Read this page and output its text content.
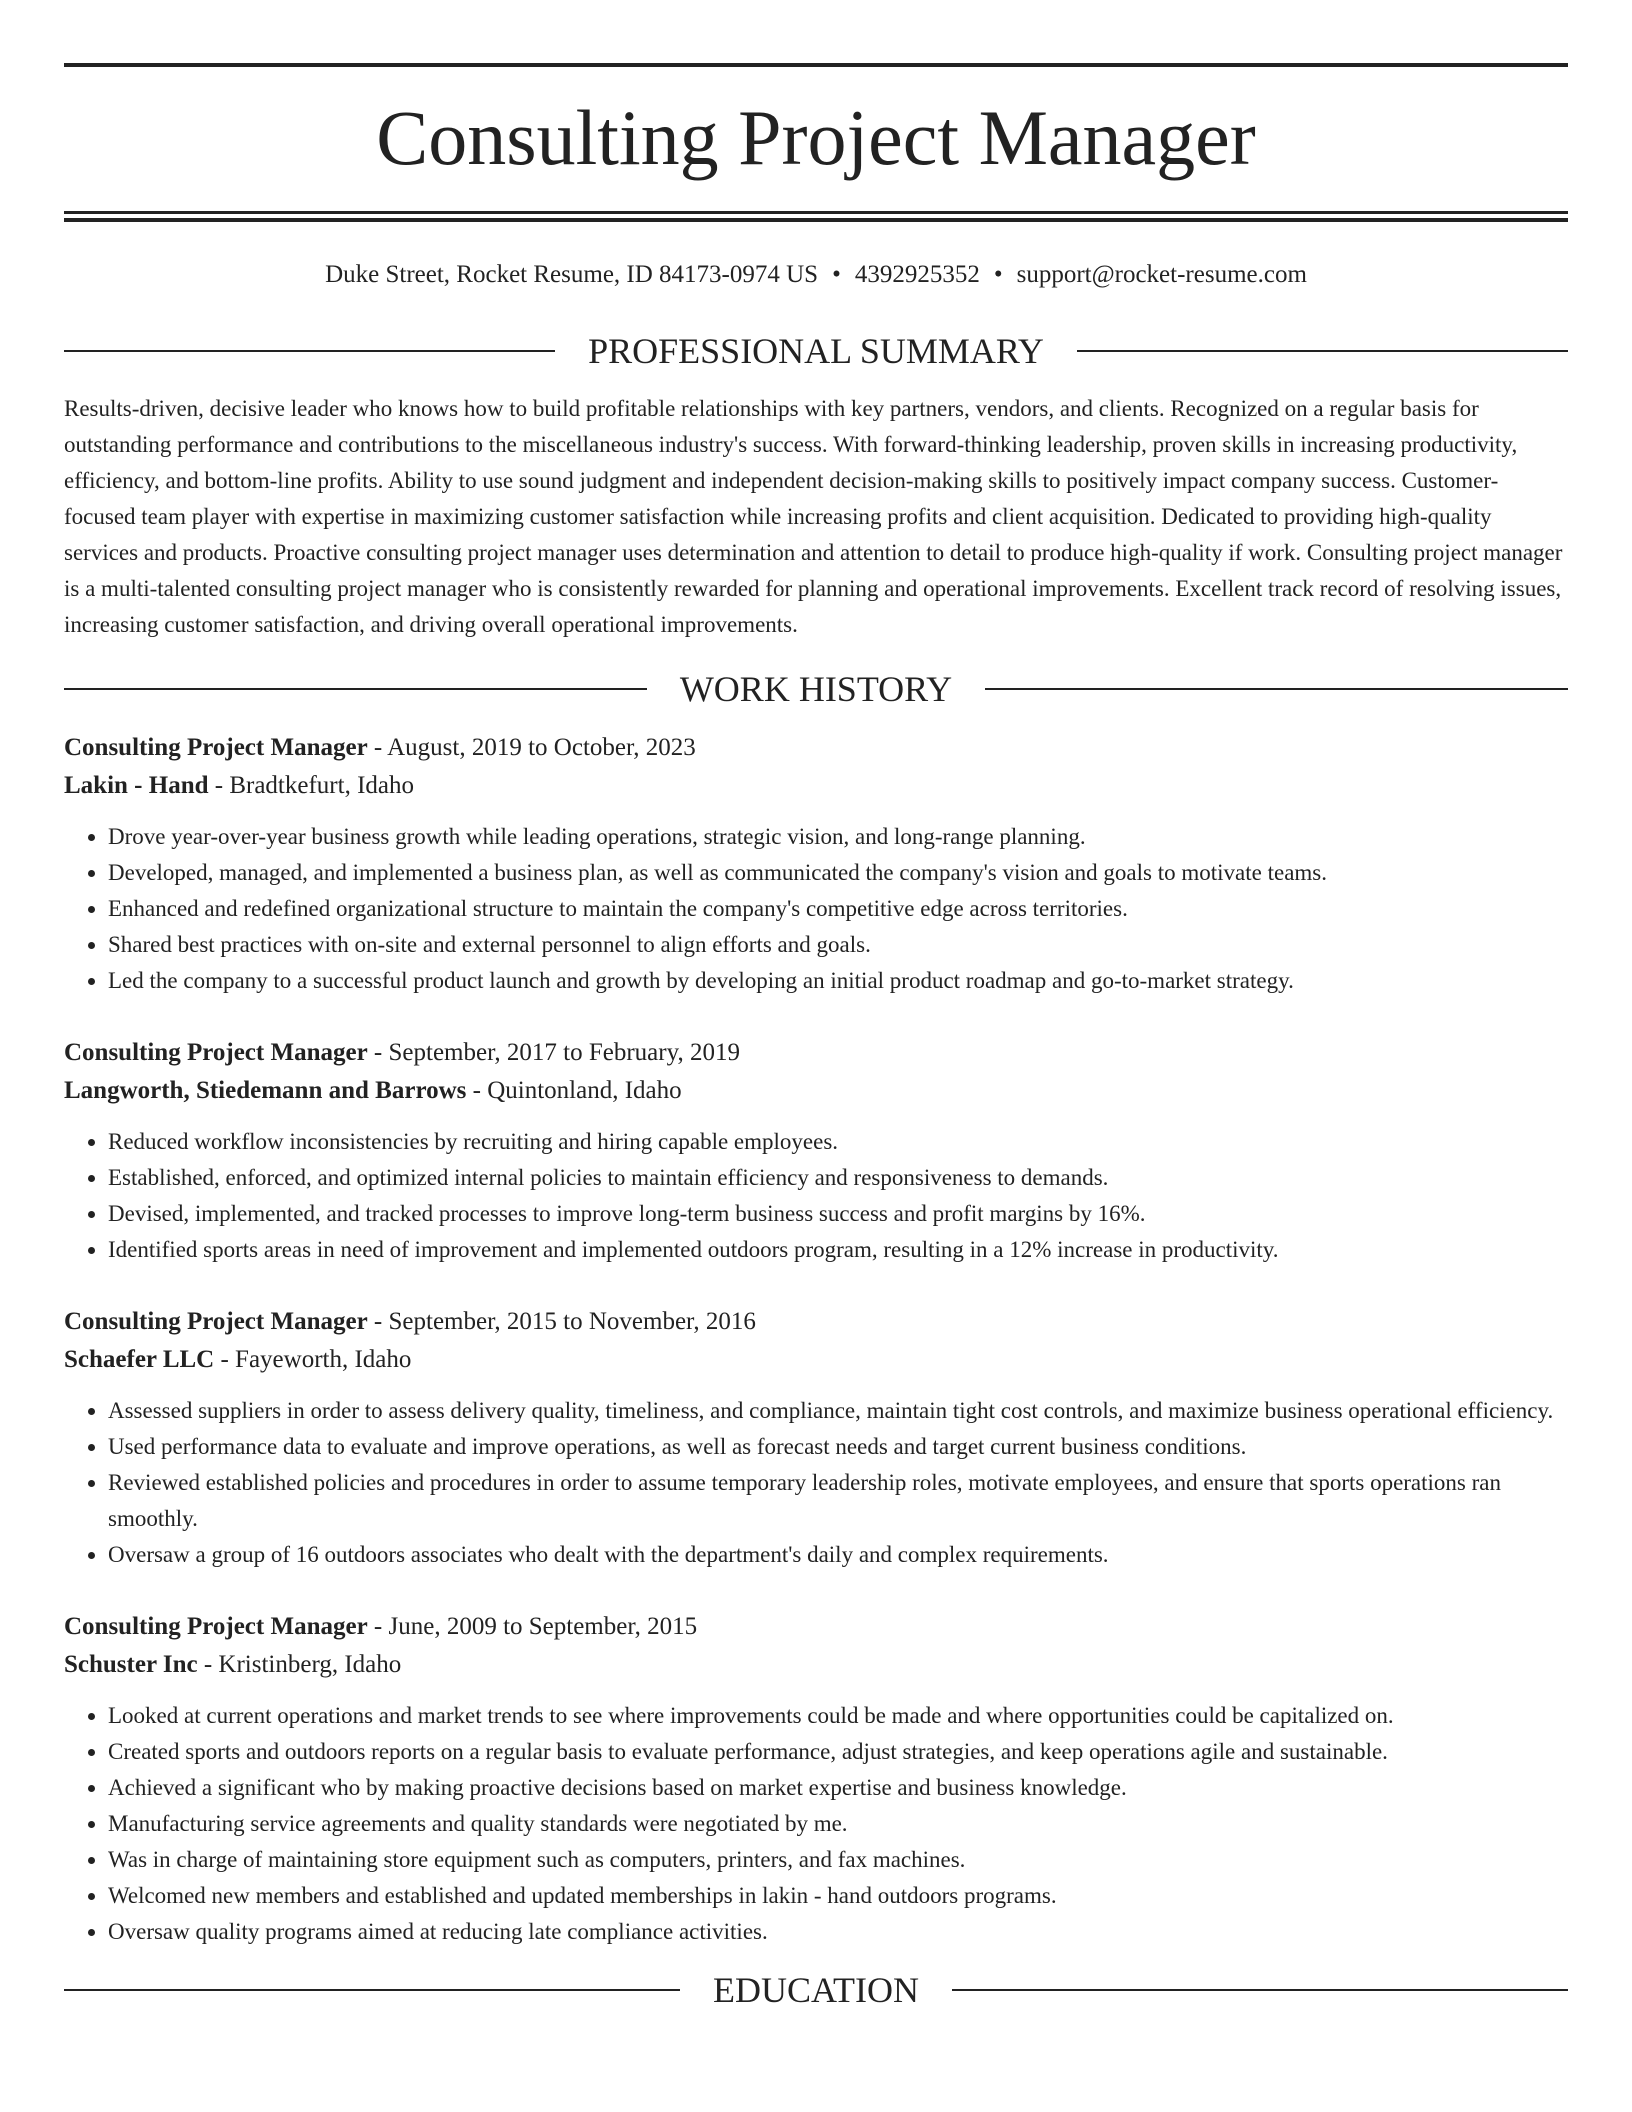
Consulting Project Manager
Duke Street, Rocket Resume, ID 84173-0974 US • 4392925352 • support@rocket-resume.com
PROFESSIONAL SUMMARY

Results-driven, decisive leader who knows how to build profitable relationships with key partners, vendors, and clients. Recognized on a regular basis for outstanding performance and contributions to the miscellaneous industry's success. With forward-thinking leadership, proven skills in increasing productivity, efficiency, and bottom-line profits. Ability to use sound judgment and independent decision-making skills to positively impact company success. Customer-focused team player with expertise in maximizing customer satisfaction while increasing profits and client acquisition. Dedicated to providing high-quality services and products. Proactive consulting project manager uses determination and attention to detail to produce high-quality if work. Consulting project manager is a multi-talented consulting project manager who is consistently rewarded for planning and operational improvements. Excellent track record of resolving issues, increasing customer satisfaction, and driving overall operational improvements.

WORK HISTORY
Consulting Project Manager - August, 2019 to October, 2023
Lakin - Hand - Bradtkefurt, Idaho
• Drove year-over-year business growth while leading operations, strategic vision, and long-range planning.
• Developed, managed, and implemented a business plan, as well as communicated the company's vision and goals to motivate teams.
• Enhanced and redefined organizational structure to maintain the company's competitive edge across territories.
• Shared best practices with on-site and external personnel to align efforts and goals.
• Led the company to a successful product launch and growth by developing an initial product roadmap and go-to-market strategy.
Consulting Project Manager - September, 2017 to February, 2019
Langworth, Stiedemann and Barrows - Quintonland, Idaho
• Reduced workflow inconsistencies by recruiting and hiring capable employees.
• Established, enforced, and optimized internal policies to maintain efficiency and responsiveness to demands.
• Devised, implemented, and tracked processes to improve long-term business success and profit margins by 16%.
• Identified sports areas in need of improvement and implemented outdoors program, resulting in a 12% increase in productivity.
Consulting Project Manager - September, 2015 to November, 2016
Schaefer LLC - Fayeworth, Idaho
• Assessed suppliers in order to assess delivery quality, timeliness, and compliance, maintain tight cost controls, and maximize business operational efficiency.
• Used performance data to evaluate and improve operations, as well as forecast needs and target current business conditions.
• Reviewed established policies and procedures in order to assume temporary leadership roles, motivate employees, and ensure that sports operations ran smoothly.
• Oversaw a group of 16 outdoors associates who dealt with the department's daily and complex requirements.
Consulting Project Manager - June, 2009 to September, 2015
Schuster Inc - Kristinberg, Idaho
• Looked at current operations and market trends to see where improvements could be made and where opportunities could be capitalized on.
• Created sports and outdoors reports on a regular basis to evaluate performance, adjust strategies, and keep operations agile and sustainable.
• Achieved a significant who by making proactive decisions based on market expertise and business knowledge.
• Manufacturing service agreements and quality standards were negotiated by me.
• Was in charge of maintaining store equipment such as computers, printers, and fax machines.
• Welcomed new members and established and updated memberships in lakin - hand outdoors programs.
• Oversaw quality programs aimed at reducing late compliance activities.
EDUCATION
